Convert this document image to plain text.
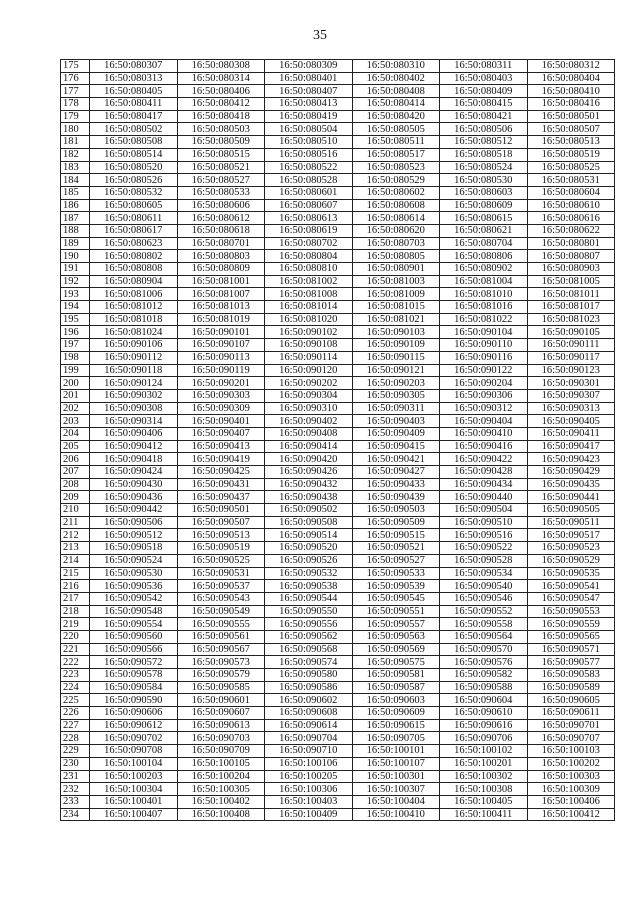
35
175	16:50:080307	16:50:080308	16:50:080309	16:50:080310	16:50:080311	16:50:080312
176	16:50:080313	16:50:080314	16:50:080401	16:50:080402	16:50:080403	16:50:080404
177	16:50:080405	16:50:080406	16:50:080407	16:50:080408	16:50:080409	16:50:080410
178	16:50:080411	16:50:080412	16:50:080413	16:50:080414	16:50:080415	16:50:080416
179	16:50:080417	16:50:080418	16:50:080419	16:50:080420	16:50:080421	16:50:080501
180	16:50:080502	16:50:080503	16:50:080504	16:50:080505	16:50:080506	16:50:080507
181	16:50:080508	16:50:080509	16:50:080510	16:50:080511	16:50:080512	16:50:080513
182	16:50:080514	16:50:080515	16:50:080516	16:50:080517	16:50:080518	16:50:080519
183	16:50:080520	16:50:080521	16:50:080522	16:50:080523	16:50:080524	16:50:080525
184	16:50:080526	16:50:080527	16:50:080528	16:50:080529	16:50:080530	16:50:080531
185	16:50:080532	16:50:080533	16:50:080601	16:50:080602	16:50:080603	16:50:080604
186	16:50:080605	16:50:080606	16:50:080607	16:50:080608	16:50:080609	16:50:080610
187	16:50:080611	16:50:080612	16:50:080613	16:50:080614	16:50:080615	16:50:080616
188	16:50:080617	16:50:080618	16:50:080619	16:50:080620	16:50:080621	16:50:080622
189	16:50:080623	16:50:080701	16:50:080702	16:50:080703	16:50:080704	16:50:080801
190	16:50:080802	16:50:080803	16:50:080804	16:50:080805	16:50:080806	16:50:080807
191	16:50:080808	16:50:080809	16:50:080810	16:50:080901	16:50:080902	16:50:080903
192	16:50:080904	16:50:081001	16:50:081002	16:50:081003	16:50:081004	16:50:081005
193	16:50:081006	16:50:081007	16:50:081008	16:50:081009	16:50:081010	16:50:081011
194	16:50:081012	16:50:081013	16:50:081014	16:50:081015	16:50:081016	16:50:081017
195	16:50:081018	16:50:081019	16:50:081020	16:50:081021	16:50:081022	16:50:081023
196	16:50:081024	16:50:090101	16:50:090102	16:50:090103	16:50:090104	16:50:090105
197	16:50:090106	16:50:090107	16:50:090108	16:50:090109	16:50:090110	16:50:090111
198	16:50:090112	16:50:090113	16:50:090114	16:50:090115	16:50:090116	16:50:090117
199	16:50:090118	16:50:090119	16:50:090120	16:50:090121	16:50:090122	16:50:090123
200	16:50:090124	16:50:090201	16:50:090202	16:50:090203	16:50:090204	16:50:090301
201	16:50:090302	16:50:090303	16:50:090304	16:50:090305	16:50:090306	16:50:090307
202	16:50:090308	16:50:090309	16:50:090310	16:50:090311	16:50:090312	16:50:090313
203	16:50:090314	16:50:090401	16:50:090402	16:50:090403	16:50:090404	16:50:090405
204	16:50:090406	16:50:090407	16:50:090408	16:50:090409	16:50:090410	16:50:090411
205	16:50:090412	16:50:090413	16:50:090414	16:50:090415	16:50:090416	16:50:090417
206	16:50:090418	16:50:090419	16:50:090420	16:50:090421	16:50:090422	16:50:090423
207	16:50:090424	16:50:090425	16:50:090426	16:50:090427	16:50:090428	16:50:090429
208	16:50:090430	16:50:090431	16:50:090432	16:50:090433	16:50:090434	16:50:090435
209	16:50:090436	16:50:090437	16:50:090438	16:50:090439	16:50:090440	16:50:090441
210	16:50:090442	16:50:090501	16:50:090502	16:50:090503	16:50:090504	16:50:090505
211	16:50:090506	16:50:090507	16:50:090508	16:50:090509	16:50:090510	16:50:090511
212	16:50:090512	16:50:090513	16:50:090514	16:50:090515	16:50:090516	16:50:090517
213	16:50:090518	16:50:090519	16:50:090520	16:50:090521	16:50:090522	16:50:090523
214	16:50:090524	16:50:090525	16:50:090526	16:50:090527	16:50:090528	16:50:090529
215	16:50:090530	16:50:090531	16:50:090532	16:50:090533	16:50:090534	16:50:090535
216	16:50:090536	16:50:090537	16:50:090538	16:50:090539	16:50:090540	16:50:090541
217	16:50:090542	16:50:090543	16:50:090544	16:50:090545	16:50:090546	16:50:090547
218	16:50:090548	16:50:090549	16:50:090550	16:50:090551	16:50:090552	16:50:090553
219	16:50:090554	16:50:090555	16:50:090556	16:50:090557	16:50:090558	16:50:090559
220	16:50:090560	16:50:090561	16:50:090562	16:50:090563	16:50:090564	16:50:090565
221	16:50:090566	16:50:090567	16:50:090568	16:50:090569	16:50:090570	16:50:090571
222	16:50:090572	16:50:090573	16:50:090574	16:50:090575	16:50:090576	16:50:090577
223	16:50:090578	16:50:090579	16:50:090580	16:50:090581	16:50:090582	16:50:090583
224	16:50:090584	16:50:090585	16:50:090586	16:50:090587	16:50:090588	16:50:090589
225	16:50:090590	16:50:090601	16:50:090602	16:50:090603	16:50:090604	16:50:090605
226	16:50:090606	16:50:090607	16:50:090608	16:50:090609	16:50:090610	16:50:090611
227	16:50:090612	16:50:090613	16:50:090614	16:50:090615	16:50:090616	16:50:090701
228	16:50:090702	16:50:090703	16:50:090704	16:50:090705	16:50:090706	16:50:090707
229	16:50:090708	16:50:090709	16:50:090710	16:50:100101	16:50:100102	16:50:100103
230	16:50:100104	16:50:100105	16:50:100106	16:50:100107	16:50:100201	16:50:100202
231	16:50:100203	16:50:100204	16:50:100205	16:50:100301	16:50:100302	16:50:100303
232	16:50:100304	16:50:100305	16:50:100306	16:50:100307	16:50:100308	16:50:100309
233	16:50:100401	16:50:100402	16:50:100403	16:50:100404	16:50:100405	16:50:100406
234	16:50:100407	16:50:100408	16:50:100409	16:50:100410	16:50:100411	16:50:100412
